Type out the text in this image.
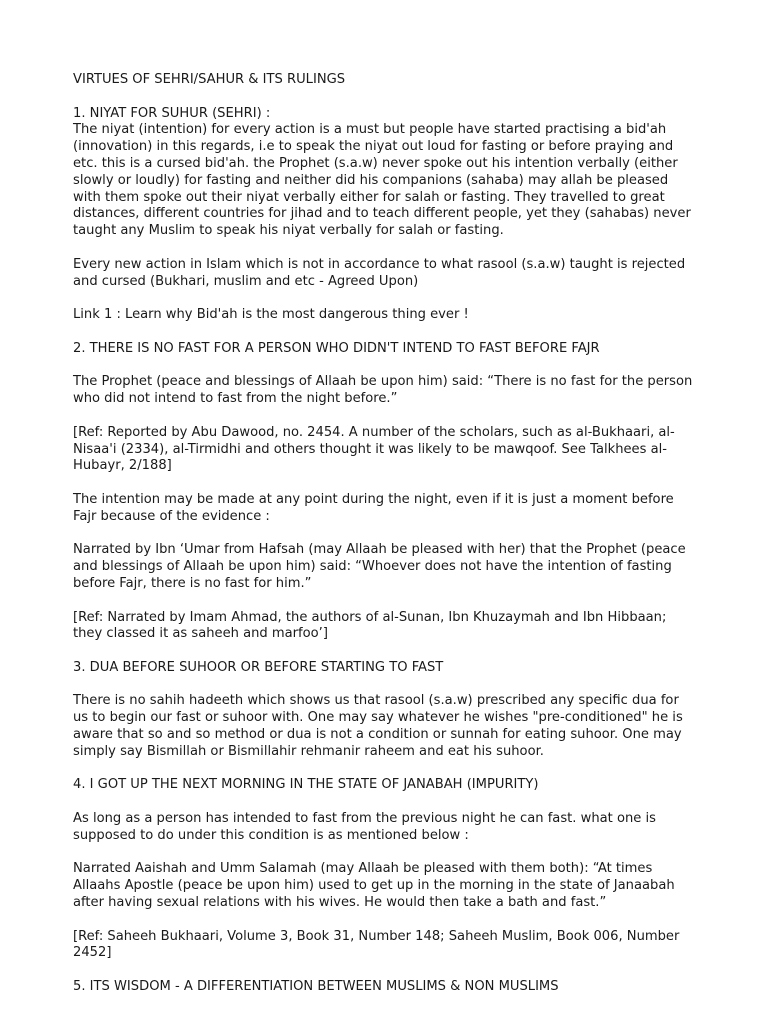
VIRTUES OF SEHRI/SAHUR & ITS RULINGS

1. NIYAT FOR SUHUR (SEHRI) :
The niyat (intention) for every action is a must but people have started practising a bid'ah (innovation) in this regards, i.e to speak the niyat out loud for fasting or before praying and etc. this is a cursed bid'ah. the Prophet (s.a.w) never spoke out his intention verbally (either slowly or loudly) for fasting and neither did his companions (sahaba) may allah be pleased with them spoke out their niyat verbally either for salah or fasting. They travelled to great distances, different countries for jihad and to teach different people, yet they (sahabas) never taught any Muslim to speak his niyat verbally for salah or fasting.

Every new action in Islam which is not in accordance to what rasool (s.a.w) taught is rejected and cursed (Bukhari, muslim and etc - Agreed Upon)

Link 1 : Learn why Bid'ah is the most dangerous thing ever !

2. THERE IS NO FAST FOR A PERSON WHO DIDN'T INTEND TO FAST BEFORE FAJR

The Prophet (peace and blessings of Allaah be upon him) said: “There is no fast for the person who did not intend to fast from the night before.”

[Ref: Reported by Abu Dawood, no. 2454. A number of the scholars, such as al-Bukhaari, al-Nisaa'i (2334), al-Tirmidhi and others thought it was likely to be mawqoof. See Talkhees al-Hubayr, 2/188]

The intention may be made at any point during the night, even if it is just a moment before Fajr because of the evidence :

Narrated by Ibn ‘Umar from Hafsah (may Allaah be pleased with her) that the Prophet (peace and blessings of Allaah be upon him) said: “Whoever does not have the intention of fasting before Fajr, there is no fast for him.”

[Ref: Narrated by Imam Ahmad, the authors of al-Sunan, Ibn Khuzaymah and Ibn Hibbaan; they classed it as saheeh and marfoo’]

3. DUA BEFORE SUHOOR OR BEFORE STARTING TO FAST

There is no sahih hadeeth which shows us that rasool (s.a.w) prescribed any specific dua for us to begin our fast or suhoor with. One may say whatever he wishes "pre-conditioned" he is aware that so and so method or dua is not a condition or sunnah for eating suhoor. One may simply say Bismillah or Bismillahir rehmanir raheem and eat his suhoor.

4. I GOT UP THE NEXT MORNING IN THE STATE OF JANABAH (IMPURITY)

As long as a person has intended to fast from the previous night he can fast. what one is supposed to do under this condition is as mentioned below :

Narrated Aaishah and Umm Salamah (may Allaah be pleased with them both): “At times Allaahs Apostle (peace be upon him) used to get up in the morning in the state of Janaabah after having sexual relations with his wives. He would then take a bath and fast.”

[Ref: Saheeh Bukhaari, Volume 3, Book 31, Number 148; Saheeh Muslim, Book 006, Number 2452]

5. ITS WISDOM - A DIFFERENTIATION BETWEEN MUSLIMS & NON MUSLIMS
